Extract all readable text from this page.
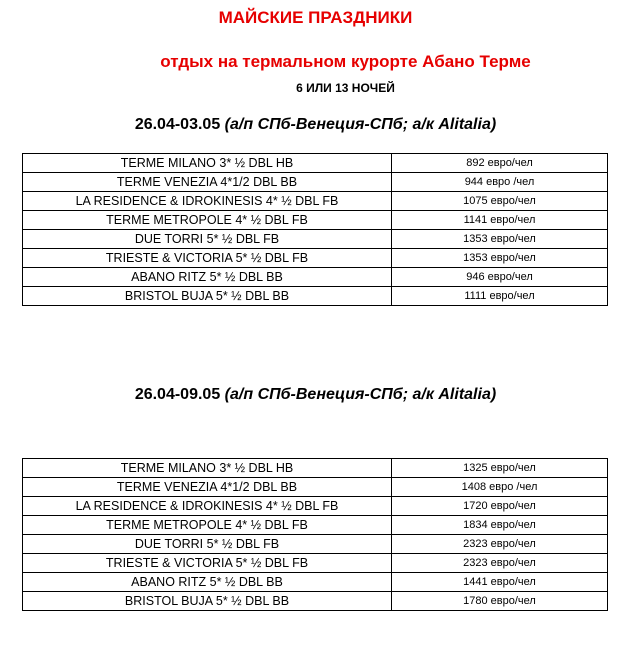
МАЙСКИЕ ПРАЗДНИКИ
отдых на термальном курорте Абано Терме
6 ИЛИ 13 НОЧЕЙ
26.04-03.05 (а/п СПб-Венеция-СПб; а/к Alitalia)
TERME MILANO 3* ½ DBL HB	892 евро/чел
TERME VENEZIA 4*1/2 DBL BB	944 евро /чел
LA RESIDENCE & IDROKINESIS 4* ½ DBL FB	1075 евро/чел
TERME METROPOLE 4* ½ DBL FB	1141 евро/чел
DUE TORRI 5* ½ DBL FB	1353 евро/чел
TRIESTE & VICTORIA 5* ½ DBL FB	1353 евро/чел
ABANO RITZ 5* ½ DBL BB	946 евро/чел
BRISTOL BUJA 5* ½ DBL BB	1111 евро/чел
26.04-09.05 (а/п СПб-Венеция-СПб; а/к Alitalia)
TERME MILANO 3* ½ DBL HB	1325 евро/чел
TERME VENEZIA 4*1/2 DBL BB	1408 евро /чел
LA RESIDENCE & IDROKINESIS 4* ½ DBL FB	1720 евро/чел
TERME METROPOLE 4* ½ DBL FB	1834 евро/чел
DUE TORRI 5* ½ DBL FB	2323 евро/чел
TRIESTE & VICTORIA 5* ½ DBL FB	2323 евро/чел
ABANO RITZ 5* ½ DBL BB	1441 евро/чел
BRISTOL BUJA 5* ½ DBL BB	1780 евро/чел
